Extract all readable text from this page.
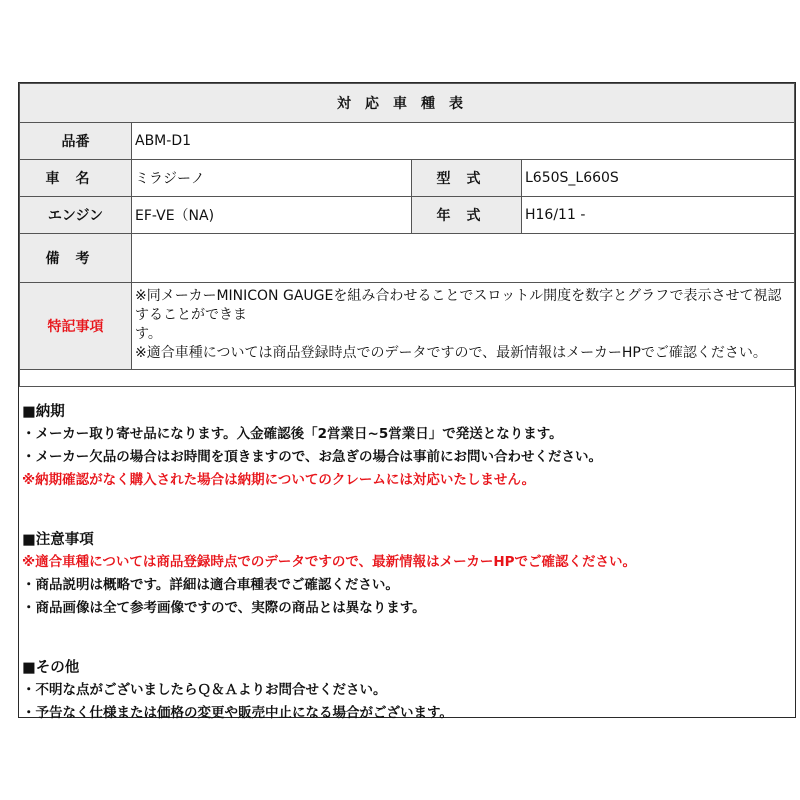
対応車種表			
品番	ABM-D1		
車名	ミラジーノ	型式	L650S_L660S
エンジン	EF-VE（NA)	年式	H16/11 -
備考			
特記事項	※同メーカーMINICON GAUGEを組み合わせることでスロットル開度を数字とグラフで表示させて視認することができま
す。
※適合車種については商品登録時点でのデータですので、最新情報はメーカーHPでご確認ください。		

■納期
・メーカー取り寄せ品になります。入金確認後「2営業日~5営業日」で発送となります。
・メーカー欠品の場合はお時間を頂きますので、お急ぎの場合は事前にお問い合わせください。
※納期確認がなく購入された場合は納期についてのクレームには対応いたしません。
■注意事項
※適合車種については商品登録時点でのデータですので、最新情報はメーカーHPでご確認ください。
・商品説明は概略です。詳細は適合車種表でご確認ください。
・商品画像は全て参考画像ですので、実際の商品とは異なります。
■その他
・不明な点がございましたらＱ＆Ａよりお問合せください。
・予告なく仕様または価格の変更や販売中止になる場合がございます。
